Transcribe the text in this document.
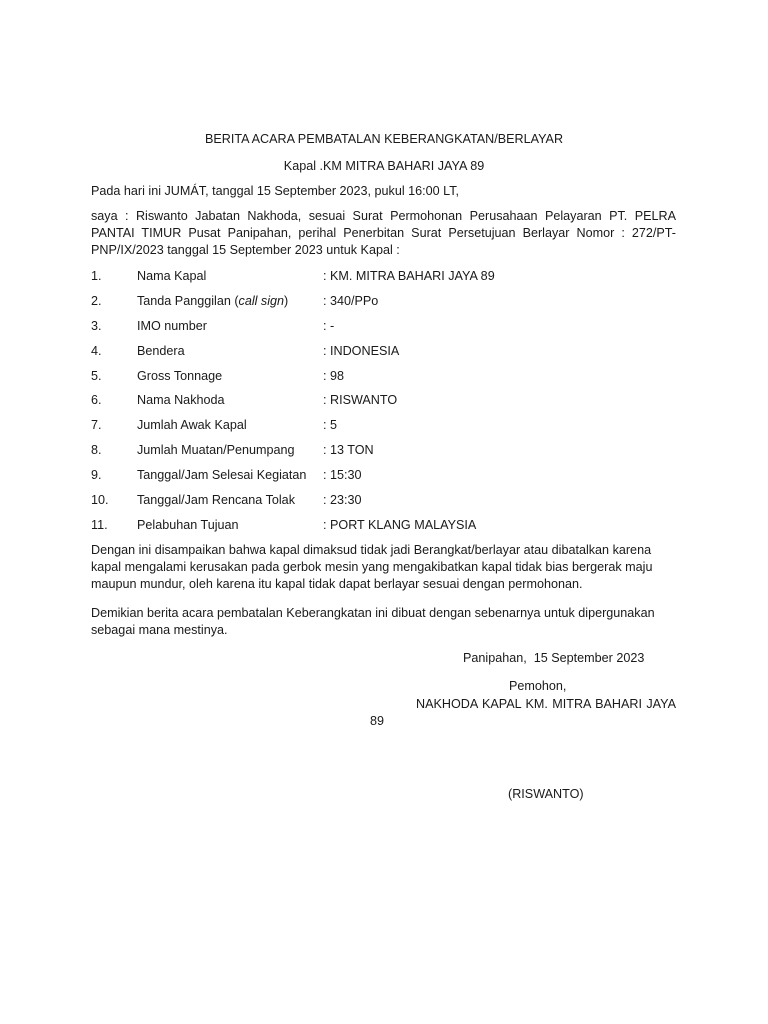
BERITA ACARA PEMBATALAN KEBERANGKATAN/BERLAYAR
Kapal .KM MITRA BAHARI JAYA 89
Pada hari ini JUMÁT, tanggal 15 September 2023, pukul 16:00 LT,
saya : Riswanto Jabatan Nakhoda, sesuai Surat Permohonan Perusahaan Pelayaran PT. PELRA PANTAI TIMUR Pusat Panipahan, perihal Penerbitan Surat Persetujuan Berlayar Nomor : 272/PT-PNP/IX/2023 tanggal 15 September 2023 untuk Kapal :
1.	Nama Kapal	: KM. MITRA BAHARI JAYA 89
2.	Tanda Panggilan (call sign)	: 340/PPo
3.	IMO number	: -
4.	Bendera	: INDONESIA
5.	Gross Tonnage	: 98
6.	Nama Nakhoda	: RISWANTO
7.	Jumlah Awak Kapal	: 5
8.	Jumlah Muatan/Penumpang : 13 TON
9.	Tanggal/Jam Selesai Kegiatan : 15:30
10. Tanggal/Jam Rencana Tolak : 23:30
11. Pelabuhan Tujuan	: PORT KLANG MALAYSIA
Dengan ini disampaikan bahwa kapal dimaksud tidak jadi Berangkat/berlayar atau dibatalkan karena kapal mengalami kerusakan pada gerbok mesin yang mengakibatkan kapal tidak bias bergerak maju maupun mundur, oleh karena itu kapal tidak dapat berlayar sesuai dengan permohonan.
Demikian berita acara pembatalan Keberangkatan ini dibuat dengan sebenarnya untuk dipergunakan sebagai mana mestinya.
Panipahan,  15 September 2023
Pemohon,
NAKHODA KAPAL KM. MITRA BAHARI JAYA
89
(RISWANTO)
